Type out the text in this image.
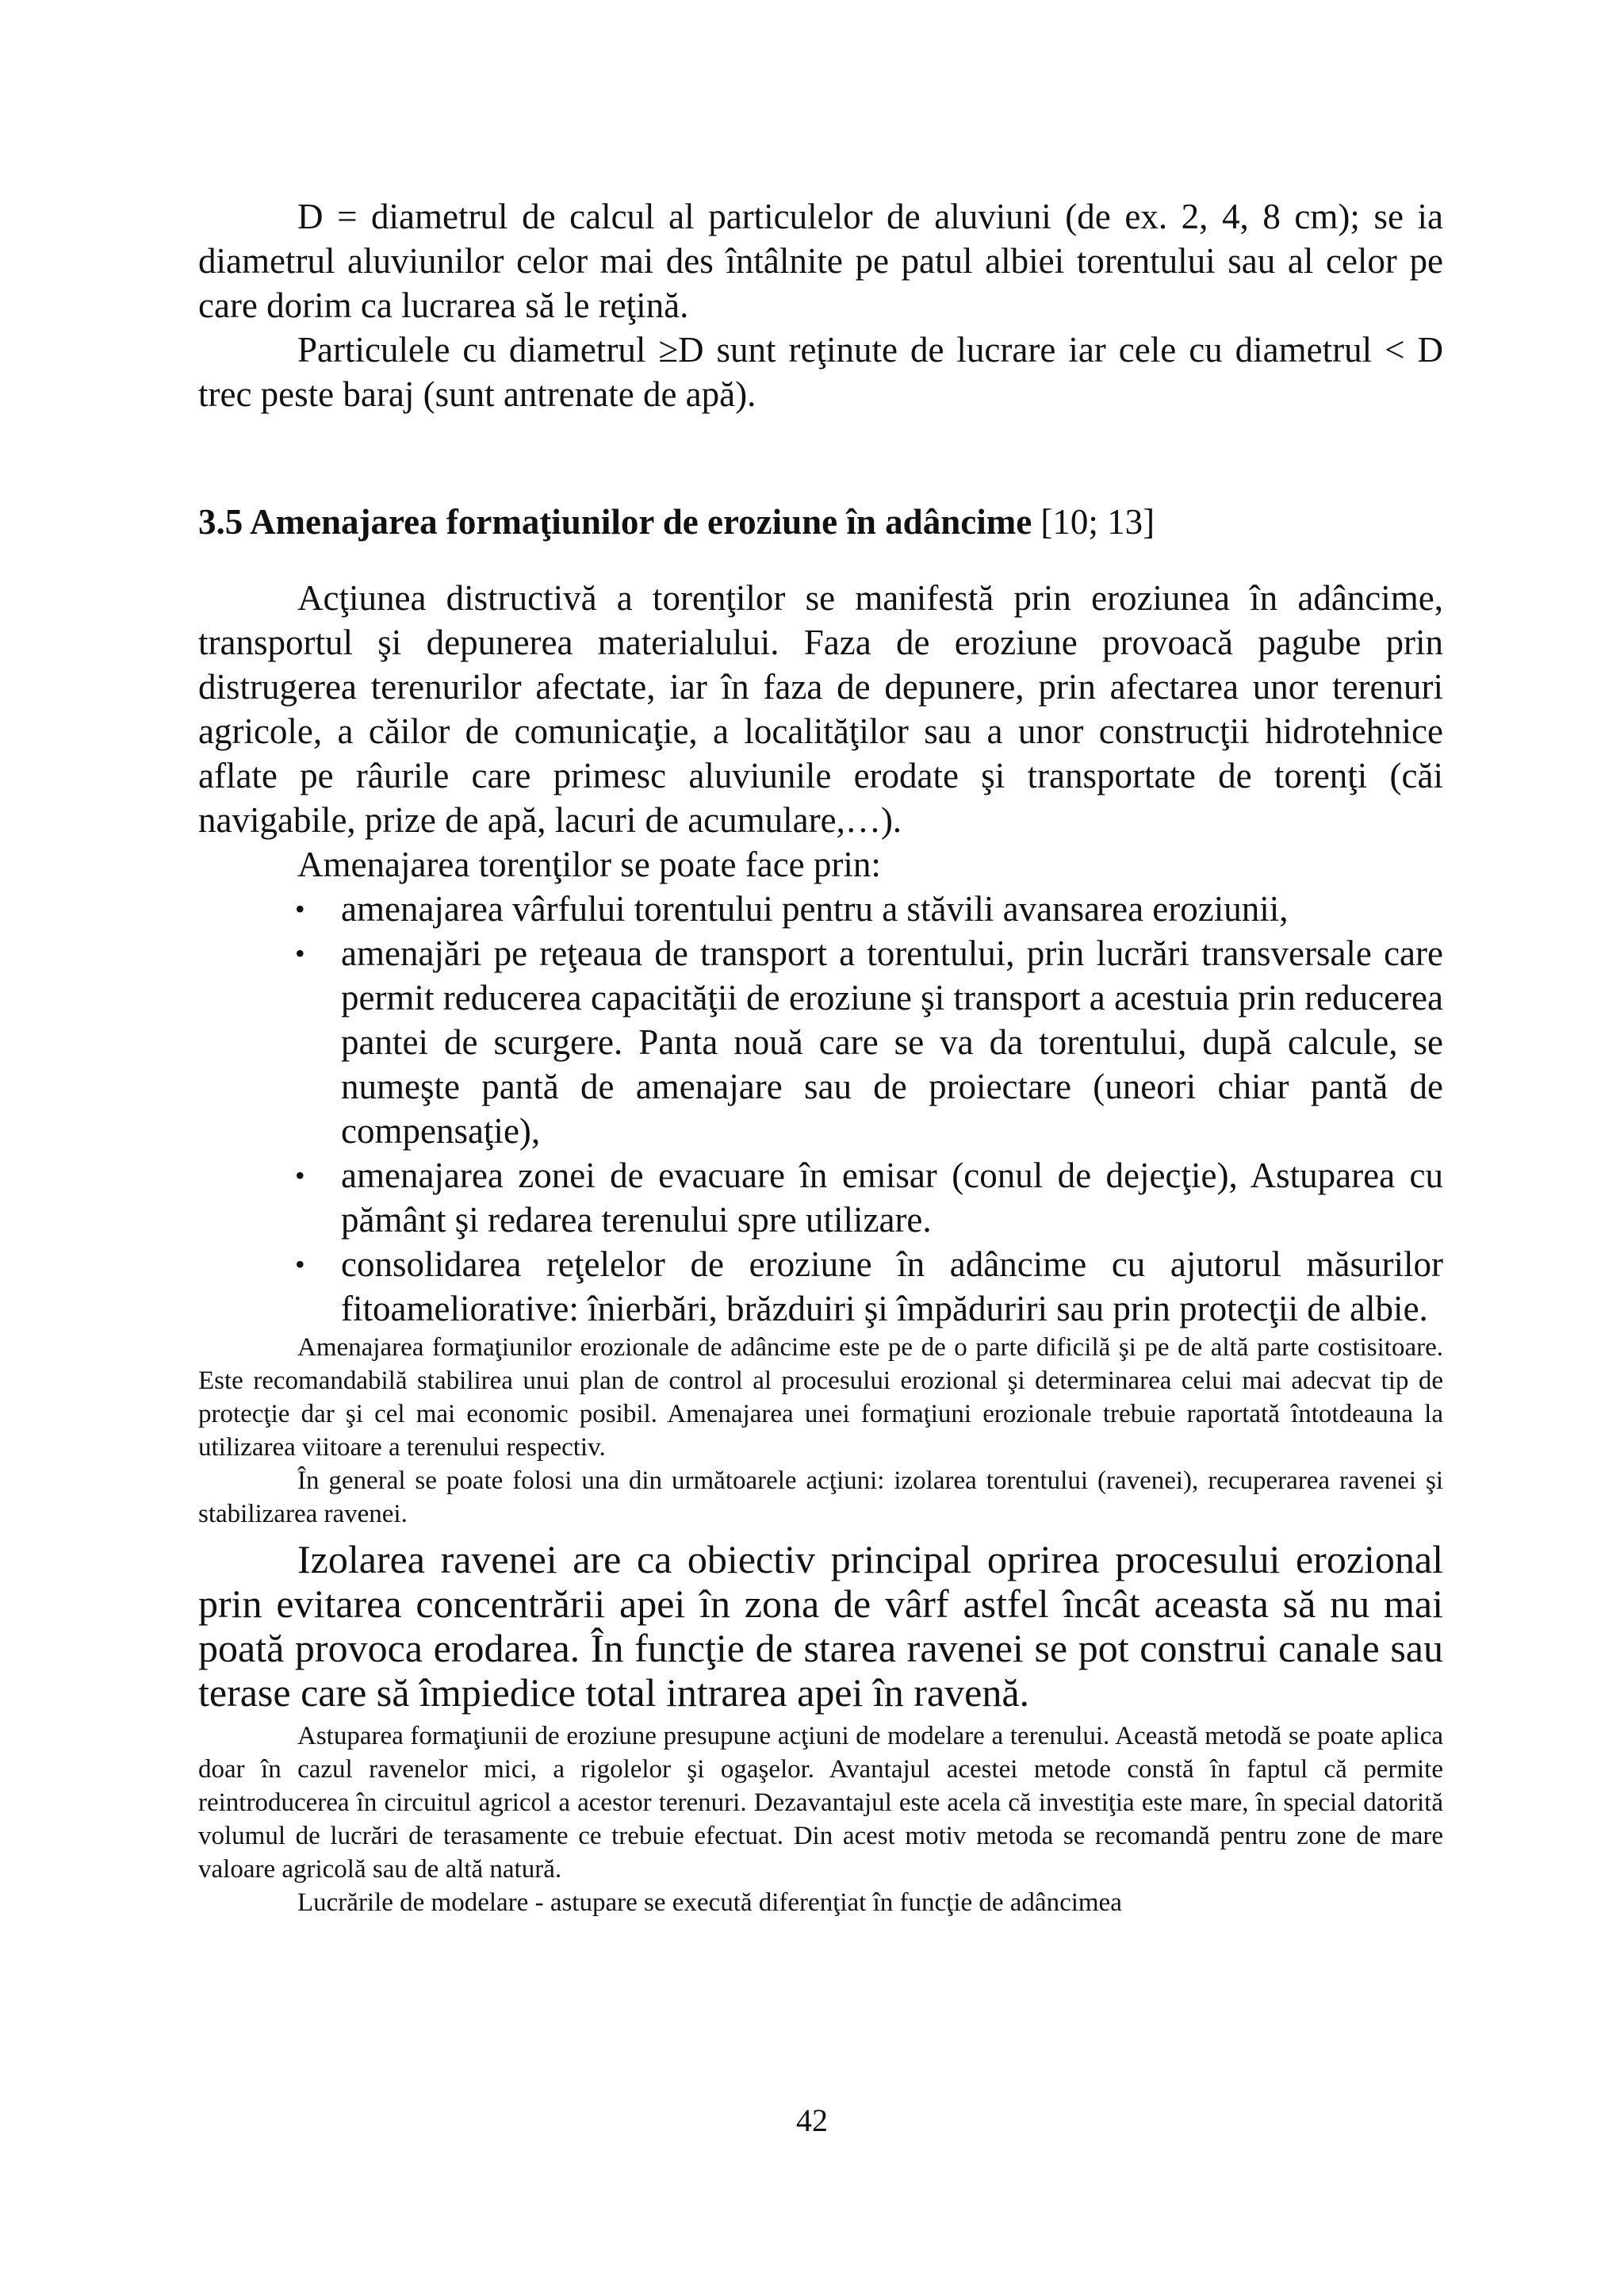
D = diametrul de calcul al particulelor de aluviuni (de ex. 2, 4, 8 cm); se ia diametrul aluviunilor celor mai des întâlnite pe patul albiei torentului sau al celor pe care dorim ca lucrarea să le reţină.

Particulele cu diametrul ≥D sunt reţinute de lucrare iar cele cu diametrul < D trec peste baraj (sunt antrenate de apă).

3.5 Amenajarea formaţiunilor de eroziune în adâncime [10; 13]

Acţiunea distructivă a torenţilor se manifestă prin eroziunea în adâncime, transportul şi depunerea materialului. Faza de eroziune provoacă pagube prin distrugerea terenurilor afectate, iar în faza de depunere, prin afectarea unor terenuri agricole, a căilor de comunicaţie, a localităţilor sau a unor construcţii hidrotehnice aflate pe râurile care primesc aluviunile erodate şi transportate de torenţi (căi navigabile, prize de apă, lacuri de acumulare,…).

Amenajarea torenţilor se poate face prin:

• amenajarea vârfului torentului pentru a stăvili avansarea eroziunii,
• amenajări pe reţeaua de transport a torentului, prin lucrări transversale care permit reducerea capacităţii de eroziune şi transport a acestuia prin reducerea pantei de scurgere. Panta nouă care se va da torentului, după calcule, se numeşte pantă de amenajare sau de proiectare (uneori chiar pantă de compensaţie),
• amenajarea zonei de evacuare în emisar (conul de dejecţie), Astuparea cu pământ şi redarea terenului spre utilizare.
• consolidarea reţelelor de eroziune în adâncime cu ajutorul măsurilor fitoameliorative: înierbări, brăzduiri şi împăduriri sau prin protecţii de albie.

Amenajarea formaţiunilor erozionale de adâncime este pe de o parte dificilă şi pe de altă parte costisitoare. Este recomandabilă stabilirea unui plan de control al procesului erozional şi determinarea celui mai adecvat tip de protecţie dar şi cel mai economic posibil. Amenajarea unei formaţiuni erozionale trebuie raportată întotdeauna la utilizarea viitoare a terenului respectiv.

În general se poate folosi una din următoarele acţiuni: izolarea torentului (ravenei), recuperarea ravenei şi stabilizarea ravenei.

Izolarea ravenei are ca obiectiv principal oprirea procesului erozional prin evitarea concentrării apei în zona de vârf astfel încât aceasta să nu mai poată provoca erodarea. În funcţie de starea ravenei se pot construi canale sau terase care să împiedice total intrarea apei în ravenă.

Astuparea formaţiunii de eroziune presupune acţiuni de modelare a terenului. Această metodă se poate aplica doar în cazul ravenelor mici, a rigolelor şi ogaşelor. Avantajul acestei metode constă în faptul că permite reintroducerea în circuitul agricol a acestor terenuri. Dezavantajul este acela că investiţia este mare, în special datorită volumul de lucrări de terasamente ce trebuie efectuat. Din acest motiv metoda se recomandă pentru zone de mare valoare agricolă sau de altă natură.

Lucrările de modelare - astupare se execută diferenţiat în funcţie de adâncimea

42
